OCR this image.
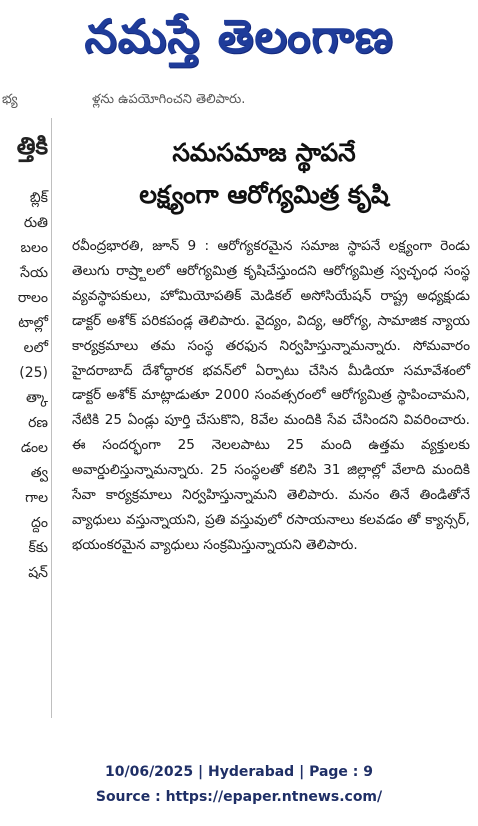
నమస్తే తెలంగాణ
భ్య	ళ్లను ఉపయోగించని తెలిపారు.
త్తికి
బ్లిక్
రుతి
బలం
సేయ
రాలం
టాల్లో
లలో
(25)
త్కా
రణ
డంల
త్వ
గాల
ద్దం
క్‌కు
షన్
సమసమాజ స్థాపనే
లక్ష్యంగా ఆరోగ్యమిత్ర కృషి
రవీంద్రభారతి, జూన్ 9 : ఆరోగ్యకరమైన సమాజ స్థాపనే లక్ష్యంగా రెండు తెలుగు రాష్ర్టాలలో ఆరోగ్యమిత్ర కృషిచేస్తుందని ఆరోగ్యమిత్ర స్వచ్ఛంధ సంస్థ వ్యవస్థాపకులు, హోమియోపతిక్ మెడికల్ అసోసియేషన్ రాష్ట్ర అధ్యక్షుడు డాక్టర్ అశోక్ పరికపండ్ల తెలిపారు. వైద్యం, విద్య, ఆరోగ్య, సామాజిక న్యాయ కార్యక్రమాలు తమ సంస్థ తరఫున నిర్వహిస్తున్నామన్నారు. సోమవారం హైదరాబాద్ దేశోద్ధారక భవన్‌లో ఏర్పాటు చేసిన మీడియా సమావేశంలో డాక్టర్ అశోక్ మాట్లాడుతూ 2000 సంవత్సరంలో ఆరోగ్యమిత్ర స్థాపించామని, నేటికి 25 ఏండ్లు పూర్తి చేసుకొని, 8వేల మందికి సేవ చేసిందని వివరించారు. ఈ సందర్భంగా 25 నెలలపాటు 25 మంది ఉత్తమ వ్యక్తులకు అవార్డులిస్తున్నామన్నారు. 25 సంస్థలతో కలిసి 31 జిల్లాల్లో వేలాది మందికి సేవా కార్యక్రమాలు నిర్వహిస్తున్నామని తెలిపారు. మనం తినే తిండితోనే వ్యాధులు వస్తున్నాయని, ప్రతి వస్తువులో రసాయనాలు కలవడం తో క్యాన్సర్, భయంకరమైన వ్యాధులు సంక్రమిస్తున్నాయని తెలిపారు.
10/06/2025 | Hyderabad | Page : 9
Source : https://epaper.ntnews.com/
